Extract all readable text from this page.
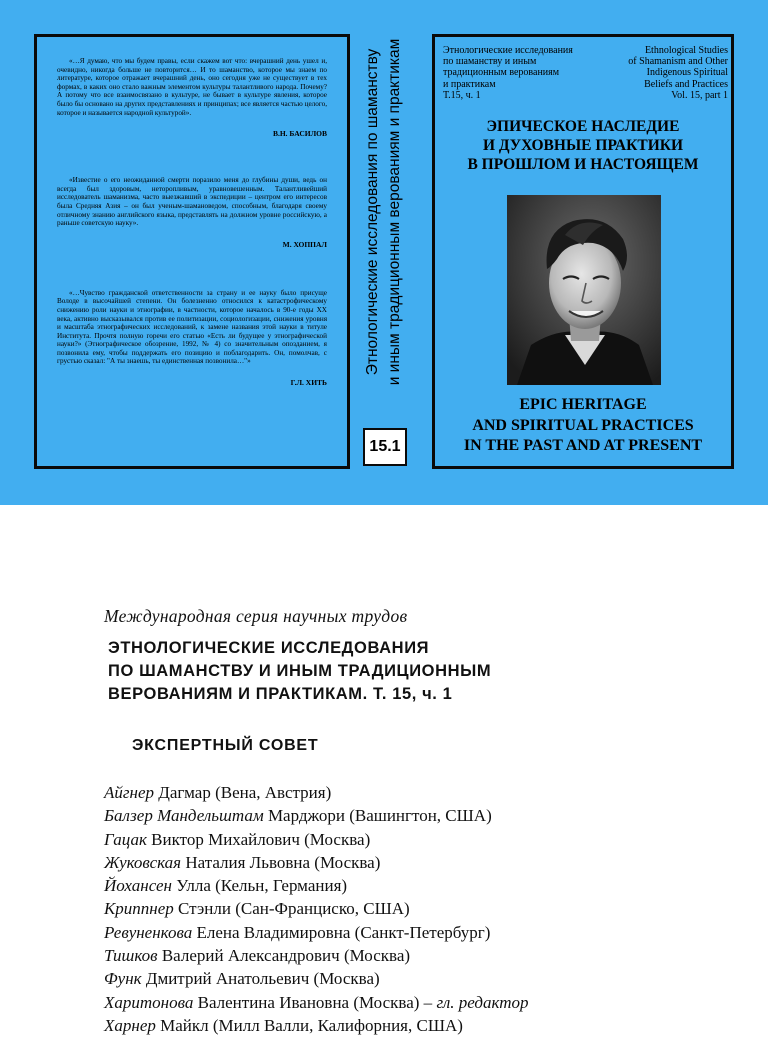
«…Я думаю, что мы будем правы, если скажем вот что: вчерашний день ушел и, очевидно, никогда больше не повторится… И то шаманство, которое мы знаем по литературе, которое отражает вчерашний день, оно сегодня уже не существует в тех формах, в каких оно стало важным элементом культуры талантливого народа. Почему? А потому что все взаимосвязано в культуре, не бывает в культуре явления, которое было бы основано на других представлениях и принципах; все является частью целого, которое и называется народной культурой».

В.Н. БАСИЛОВ

«Известие о его неожиданной смерти поразило меня до глубины души, ведь он всегда был здоровым, неторопливым, уравновешенным. Талантливейший исследователь шаманизма, часто выезжавший в экспедиции – центром его интересов была Средняя Азия – он был ученым-шамановедом, способным, благодаря своему отличному знанию английского языка, представлять на должном уровне российскую, а раньше советскую науку».

М. ХОППАЛ

«…Чувство гражданской ответственности за страну и ее науку было присуще Володе в высочайшей степени. Он болезненно относился к катастрофическому снижению роли науки и этнографии, в частности, которое началось в 90-е годы XX века, активно высказывался против ее политизации, социологизации, снижения уровня и масштаба этнографических исследований, к замене названия этой науки в титуле Института. Прочтя полную горечи его статью «Есть ли будущее у этнографической науки?» (Этнографическое обозрение, 1992, № 4) со значительным опозданием, я позвонила ему, чтобы поддержать его позицию и поблагодарить. Он, помолчав, с грустью сказал: "А ты знаешь, ты единственная позвонила…"»

Г.Л. ХИТЬ

Этнологические исследования по шаманству и иным традиционным верованиям и практикам
15.1
Этнологические исследования
по шаманству и иным
традиционным верованиям
и практикам
Т.15, ч. 1
Ethnological Studies
of Shamanism and Other
Indigenous Spiritual
Beliefs and Practices
Vol. 15, part 1
ЭПИЧЕСКОЕ НАСЛЕДИЕ
И ДУХОВНЫЕ ПРАКТИКИ
В ПРОШЛОМ И НАСТОЯЩЕМ
EPIC HERITAGE
AND SPIRITUAL PRACTICES
IN THE PAST AND AT PRESENT
Международная серия научных трудов
ЭТНОЛОГИЧЕСКИЕ ИССЛЕДОВАНИЯ
ПО ШАМАНСТВУ И ИНЫМ ТРАДИЦИОННЫМ
ВЕРОВАНИЯМ И ПРАКТИКАМ. Т. 15, ч. 1
ЭКСПЕРТНЫЙ СОВЕТ
Айгнер Дагмар (Вена, Австрия)
Балзер Мандельштам Марджори (Вашингтон, США)
Гацак Виктор Михайлович (Москва)
Жуковская Наталия Львовна (Москва)
Йохансен Улла (Кельн, Германия)
Криппнер Стэнли (Сан-Франциско, США)
Ревуненкова Елена Владимировна (Санкт-Петербург)
Тишков Валерий Александрович (Москва)
Функ Дмитрий Анатольевич (Москва)
Харитонова Валентина Ивановна (Москва) – гл. редактор
Харнер Майкл (Милл Валли, Калифорния, США)
